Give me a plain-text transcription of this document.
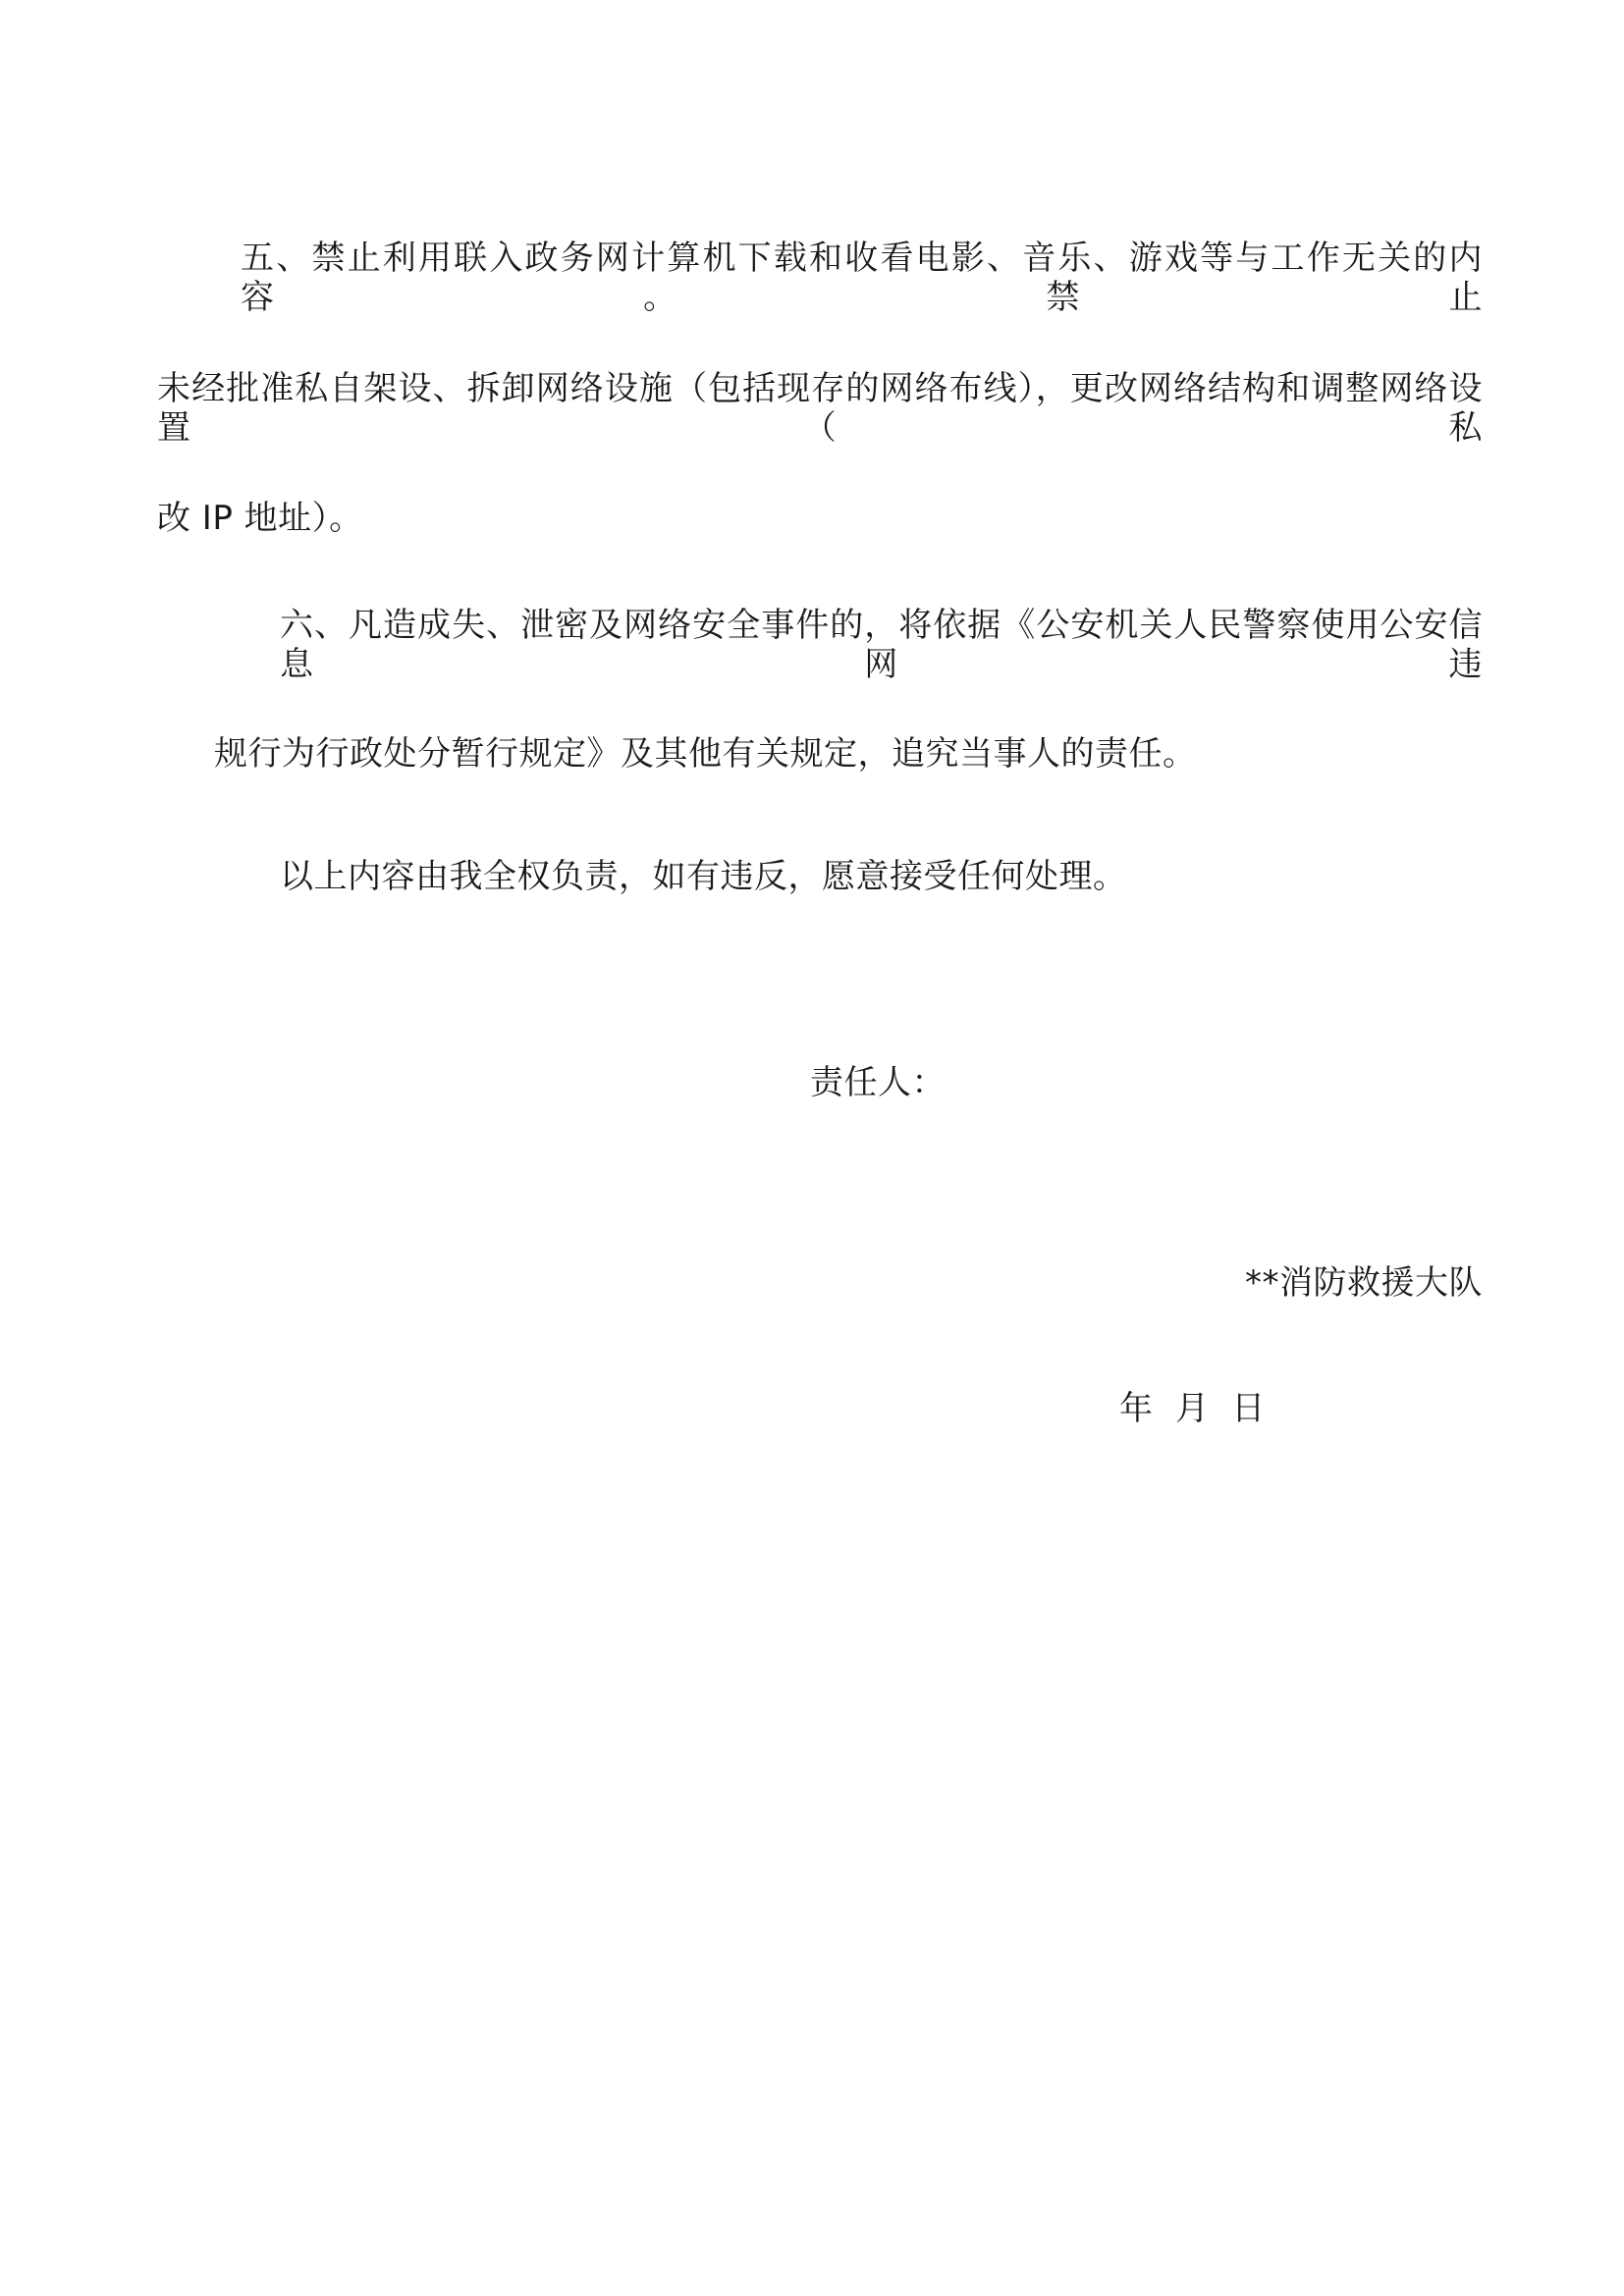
五、禁止利用联入政务网计算机下载和收看电影、音乐、游戏等与工作无关的内容。禁止
未经批准私自架设、拆卸网络设施（包括现存的网络布线），更改网络结构和调整网络设置（私
改 IP 地址）。
六、凡造成失、泄密及网络安全事件的，将依据《公安机关人民警察使用公安信息网违
规行为行政处分暂行规定》及其他有关规定，追究当事人的责任。
以上内容由我全权负责，如有违反，愿意接受任何处理。
责任人：
**消防救援大队
年  月  日
